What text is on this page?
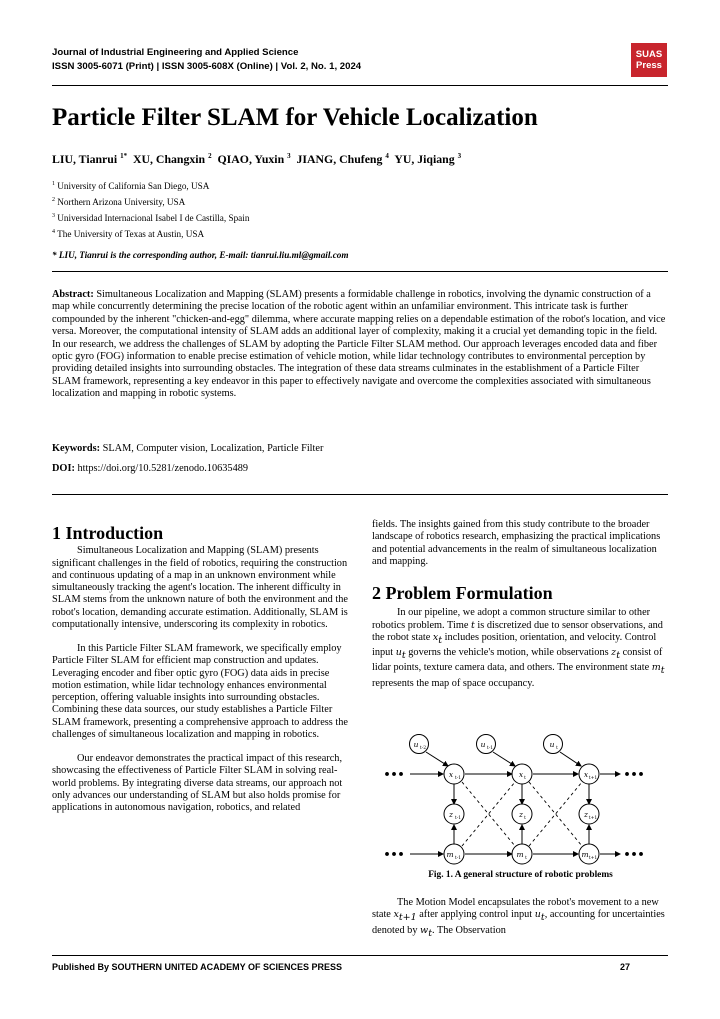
Journal of Industrial Engineering and Applied Science
ISSN 3005-6071 (Print) | ISSN 3005-608X (Online) | Vol. 2, No. 1, 2024
SUAS
Press
Particle Filter SLAM for Vehicle Localization
LIU, Tianrui $^{1*}$ XU, Changxin $^2$ QIAO, Yuxin $^3$ JIANG, Chufeng $^4$ YU, Jiqiang $^3$
$^1$ University of California San Diego, USA
$^2$ Northern Arizona University, USA
$^3$ Universidad Internacional Isabel I de Castilla, Spain
$^4$ The University of Texas at Austin, USA
* LIU, Tianrui is the corresponding author, E-mail: tianrui.liu.ml@gmail.com
Abstract: Simultaneous Localization and Mapping (SLAM) presents a formidable challenge in robotics, involving the dynamic construction of a map while concurrently determining the precise location of the robotic agent within an unfamiliar environment. This intricate task is further compounded by the inherent "chicken-and-egg" dilemma, where accurate mapping relies on a dependable estimation of the robot's location, and vice versa. Moreover, the computational intensity of SLAM adds an additional layer of complexity, making it a crucial yet demanding topic in the field. In our research, we address the challenges of SLAM by adopting the Particle Filter SLAM method. Our approach leverages encoded data and fiber optic gyro (FOG) information to enable precise estimation of vehicle motion, while lidar technology contributes to environmental perception by providing detailed insights into surrounding obstacles. The integration of these data streams culminates in the establishment of a Particle Filter SLAM framework, representing a key endeavor in this paper to effectively navigate and overcome the complexities associated with simultaneous localization and mapping in robotic systems.
Keywords: SLAM, Computer vision, Localization, Particle Filter
DOI: https://doi.org/10.5281/zenodo.10635489
1 Introduction

Simultaneous Localization and Mapping (SLAM) presents significant challenges in the field of robotics, requiring the construction and continuous updating of a map in an unknown environment while simultaneously tracking the agent's location. The inherent difficulty in SLAM stems from the unknown nature of both the environment and the robot's location, demanding accurate estimation. Additionally, SLAM is computationally intensive, underscoring its complexity in robotics.

In this Particle Filter SLAM framework, we specifically employ Particle Filter SLAM for efficient map construction and updates. Leveraging encoder and fiber optic gyro (FOG) data aids in precise motion estimation, while lidar technology enhances environmental perception, offering valuable insights into surrounding obstacles. Combining these data sources, our study establishes a Particle Filter SLAM framework, presenting a comprehensive approach to address the challenges of simultaneous localization and mapping in robotics.

Our endeavor demonstrates the practical impact of this research, showcasing the effectiveness of Particle Filter SLAM in solving real-world problems. By integrating diverse data streams, our approach not only advances our understanding of SLAM but also holds promise for applications in autonomous navigation, robotics, and related

fields. The insights gained from this study contribute to the broader landscape of robotics research, emphasizing the practical implications and potential advancements in the realm of simultaneous localization and mapping.

2 Problem Formulation

In our pipeline, we adopt a common structure similar to other robotics problem. Time t is discretized due to sensor observations, and the robot state $x_t$ includes position, orientation, and velocity. Control input $u_t$ governs the vehicle's motion, while observations $z_t$ consist of lidar points, texture camera data, and others. The environment state $m_t$ represents the map of space occupancy.

•••	•••
•••	•••
u t-2	u t-1	u t
x t-1	x t	x t+1
z t-1	z t	z t+1
m t-1	m t	m t+1
Fig. 1. A general structure of robotic problems

The Motion Model encapsulates the robot's movement to a new state $x_{t+1}$ after applying control input $u_t$, accounting for uncertainties denoted by $w_t$. The Observation

Published By SOUTHERN UNITED ACADEMY OF SCIENCES PRESS	27
